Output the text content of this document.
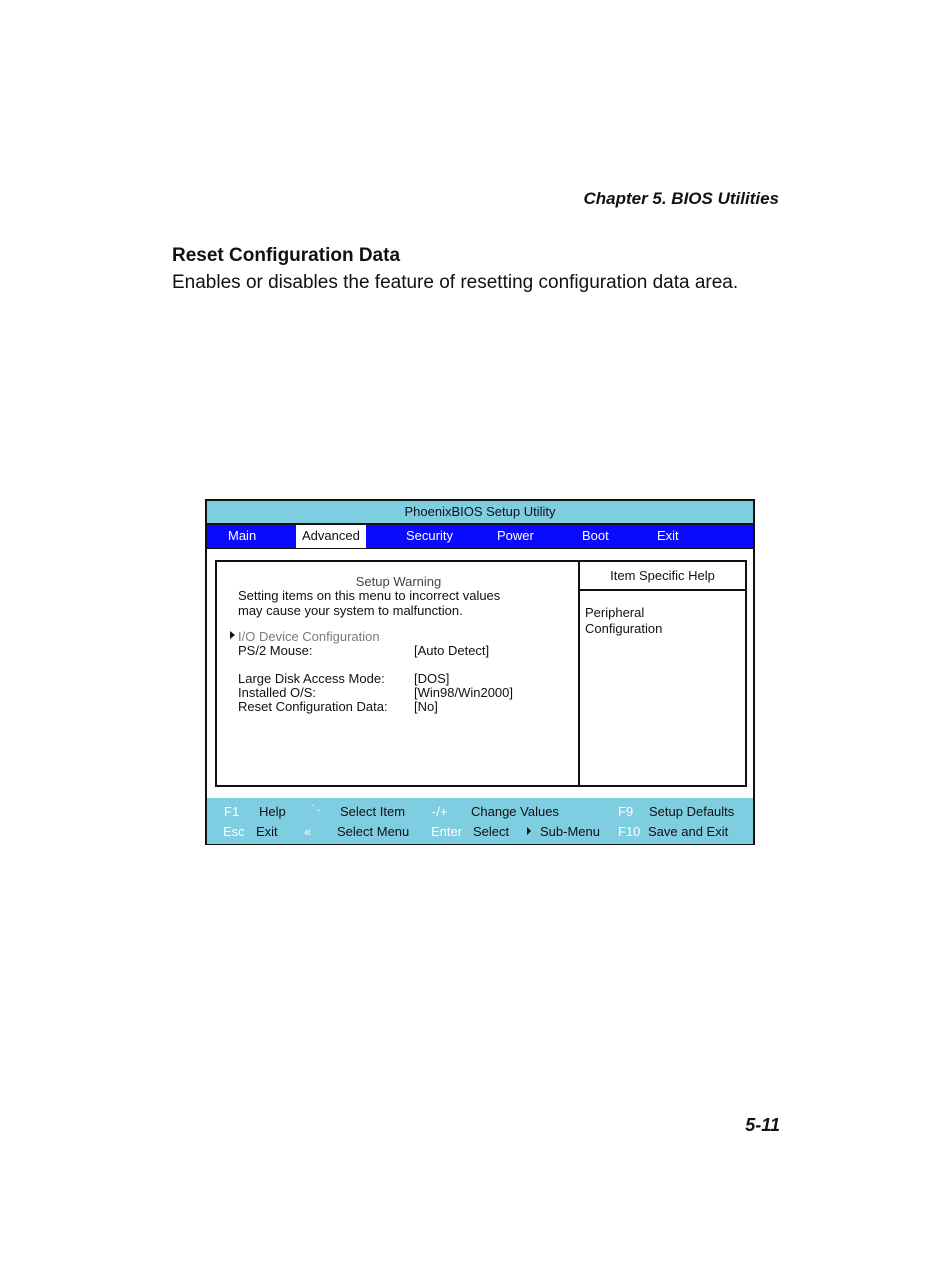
Chapter 5. BIOS Utilities
Reset Configuration Data
Enables or disables the feature of resetting configuration data area.
PhoenixBIOS Setup Utility
Main	Advanced	Security	Power	Boot	Exit
Setup Warning
Setting items on this menu to incorrect values
may cause your system to malfunction.
I/O Device Configuration
PS/2 Mouse:	[Auto Detect]
Large Disk Access Mode: [DOS]
Installed O/S:	[Win98/Win2000]
Reset Configuration Data: [No]
Item Specific Help
Peripheral
Configuration
F1 Help	ˉ ˗ Select Item -/+ Change Values	F9 Setup Defaults
Esc Exit « Select Menu Enter Select Sub-Menu F10 Save and Exit
5-11
